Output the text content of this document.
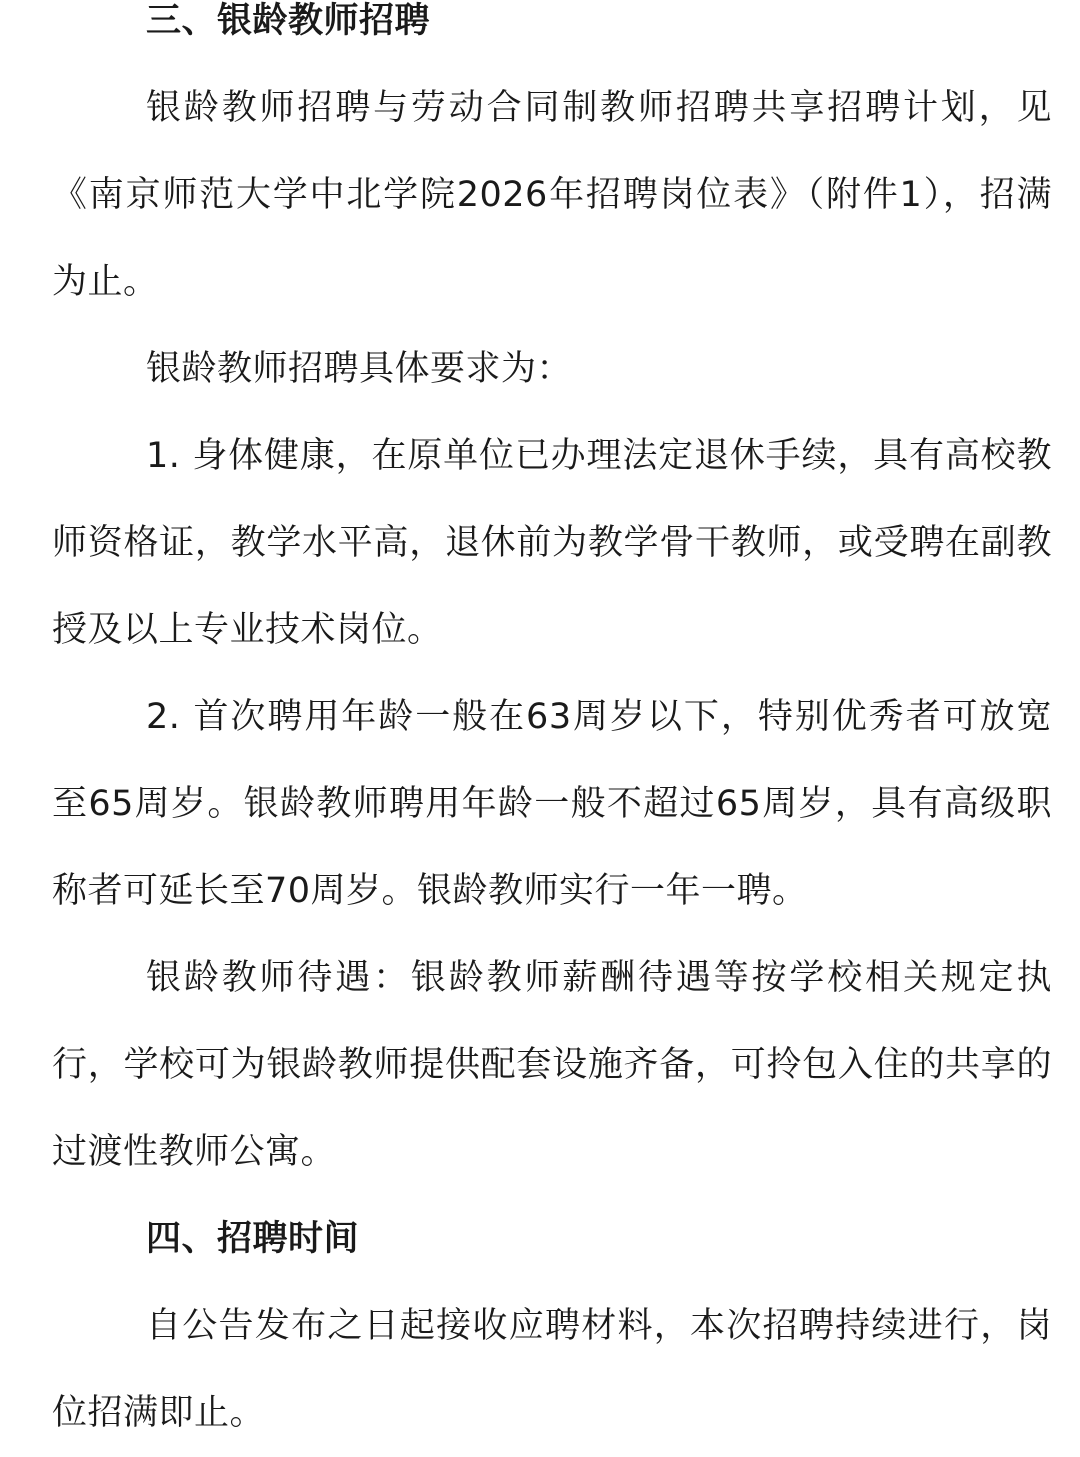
三、银龄教师招聘

银龄教师招聘与劳动合同制教师招聘共享招聘计划，见《南京师范大学中北学院2026年招聘岗位表》（附件1），招满为止。

银龄教师招聘具体要求为：

1. 身体健康，在原单位已办理法定退休手续，具有高校教师资格证，教学水平高，退休前为教学骨干教师，或受聘在副教授及以上专业技术岗位。

2. 首次聘用年龄一般在63周岁以下，特别优秀者可放宽至65周岁。银龄教师聘用年龄一般不超过65周岁，具有高级职称者可延长至70周岁。银龄教师实行一年一聘。

银龄教师待遇：银龄教师薪酬待遇等按学校相关规定执行，学校可为银龄教师提供配套设施齐备，可拎包入住的共享的过渡性教师公寓。

四、招聘时间

自公告发布之日起接收应聘材料，本次招聘持续进行，岗位招满即止。
